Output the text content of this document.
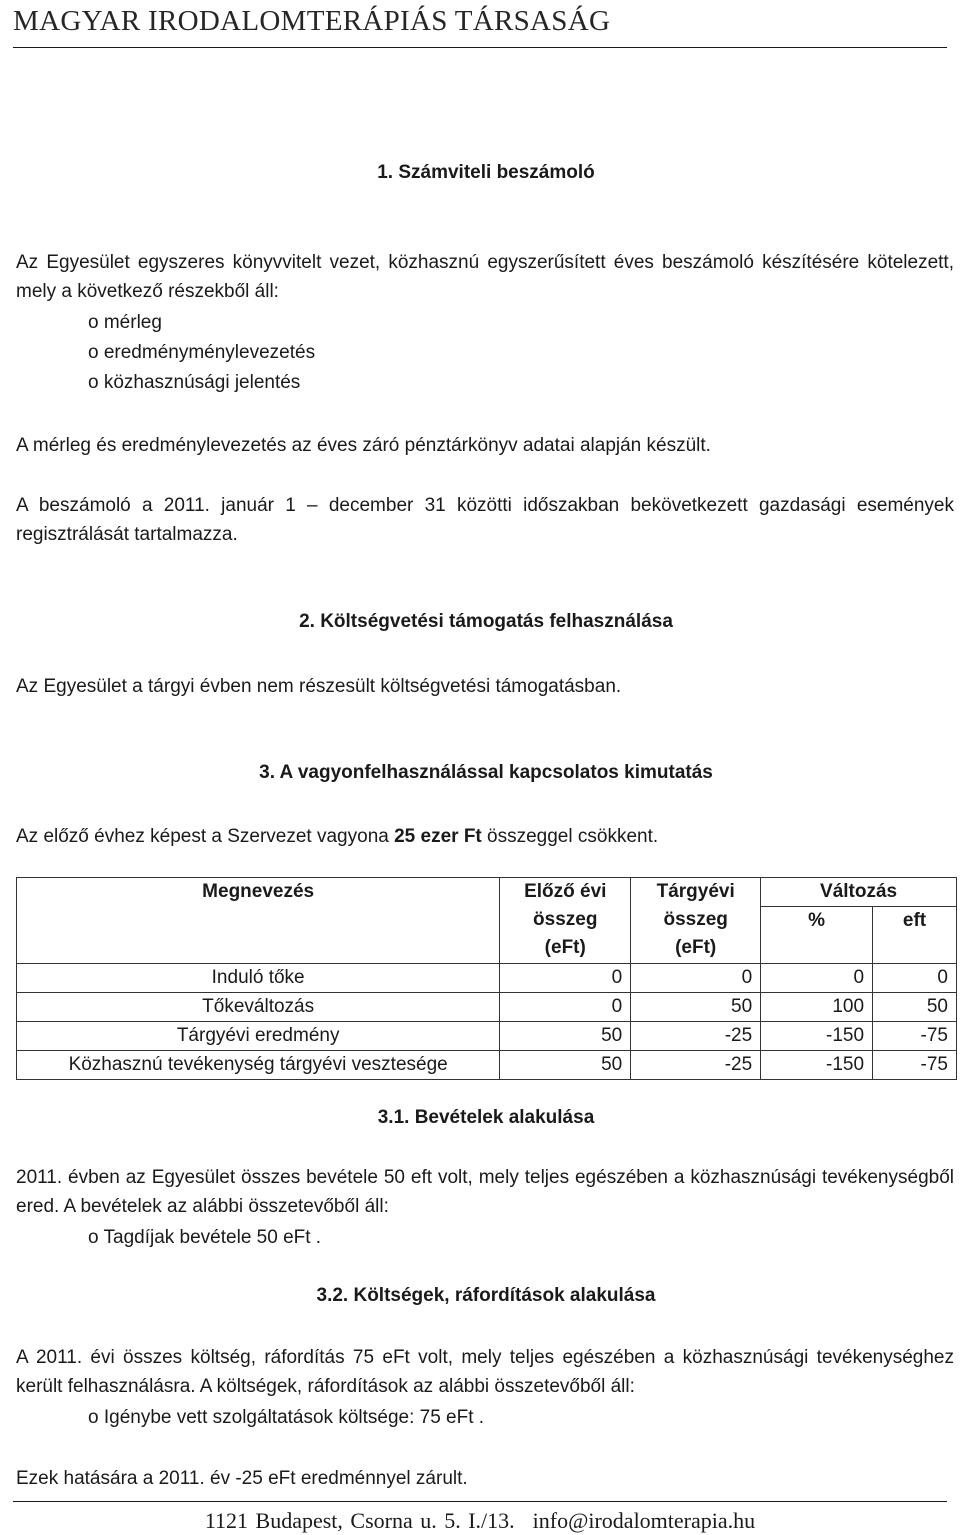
MAGYAR IRODALOMTERÁPIÁS TÁRSASÁG
1. Számviteli beszámoló
Az Egyesület egyszeres könyvvitelt vezet, közhasznú egyszerűsített éves beszámoló készítésére kötelezett, mely a következő részekből áll:
o mérleg
o eredményménylevezetés
o közhasznúsági jelentés
A mérleg és eredménylevezetés az éves záró pénztárkönyv adatai alapján készült.
A beszámoló a 2011. január 1 – december 31 közötti időszakban bekövetkezett gazdasági események regisztrálását tartalmazza.
2. Költségvetési támogatás felhasználása
Az Egyesület a tárgyi évben nem részesült költségvetési támogatásban.
3. A vagyonfelhasználással kapcsolatos kimutatás
Az előző évhez képest a Szervezet vagyona 25 ezer Ft összeggel csökkent.
Megnevezés	Előző évi összeg (eFt)	Tárgyévi összeg (eFt)	Változás	
			%	eft
Induló tőke	0	0	0	0
Tőkeváltozás	0	50	100	50
Tárgyévi eredmény	50	-25	-150	-75
Közhasznú tevékenység tárgyévi vesztesége	50	-25	-150	-75
3.1. Bevételek alakulása
2011. évben az Egyesület összes bevétele 50 eft volt, mely teljes egészében a közhasznúsági tevékenységből ered. A bevételek az alábbi összetevőből áll:
o Tagdíjak bevétele 50 eFt .
3.2. Költségek, ráfordítások alakulása
A 2011. évi összes költség, ráfordítás 75 eFt volt, mely teljes egészében a közhasznúsági tevékenységhez került felhasználásra. A költségek, ráfordítások az alábbi összetevőből áll:
o Igénybe vett szolgáltatások költsége: 75 eFt .
Ezek hatására a 2011. év -25 eFt eredménnyel zárult.
1121 Budapest, Csorna u. 5. I./13. info@irodalomterapia.hu
